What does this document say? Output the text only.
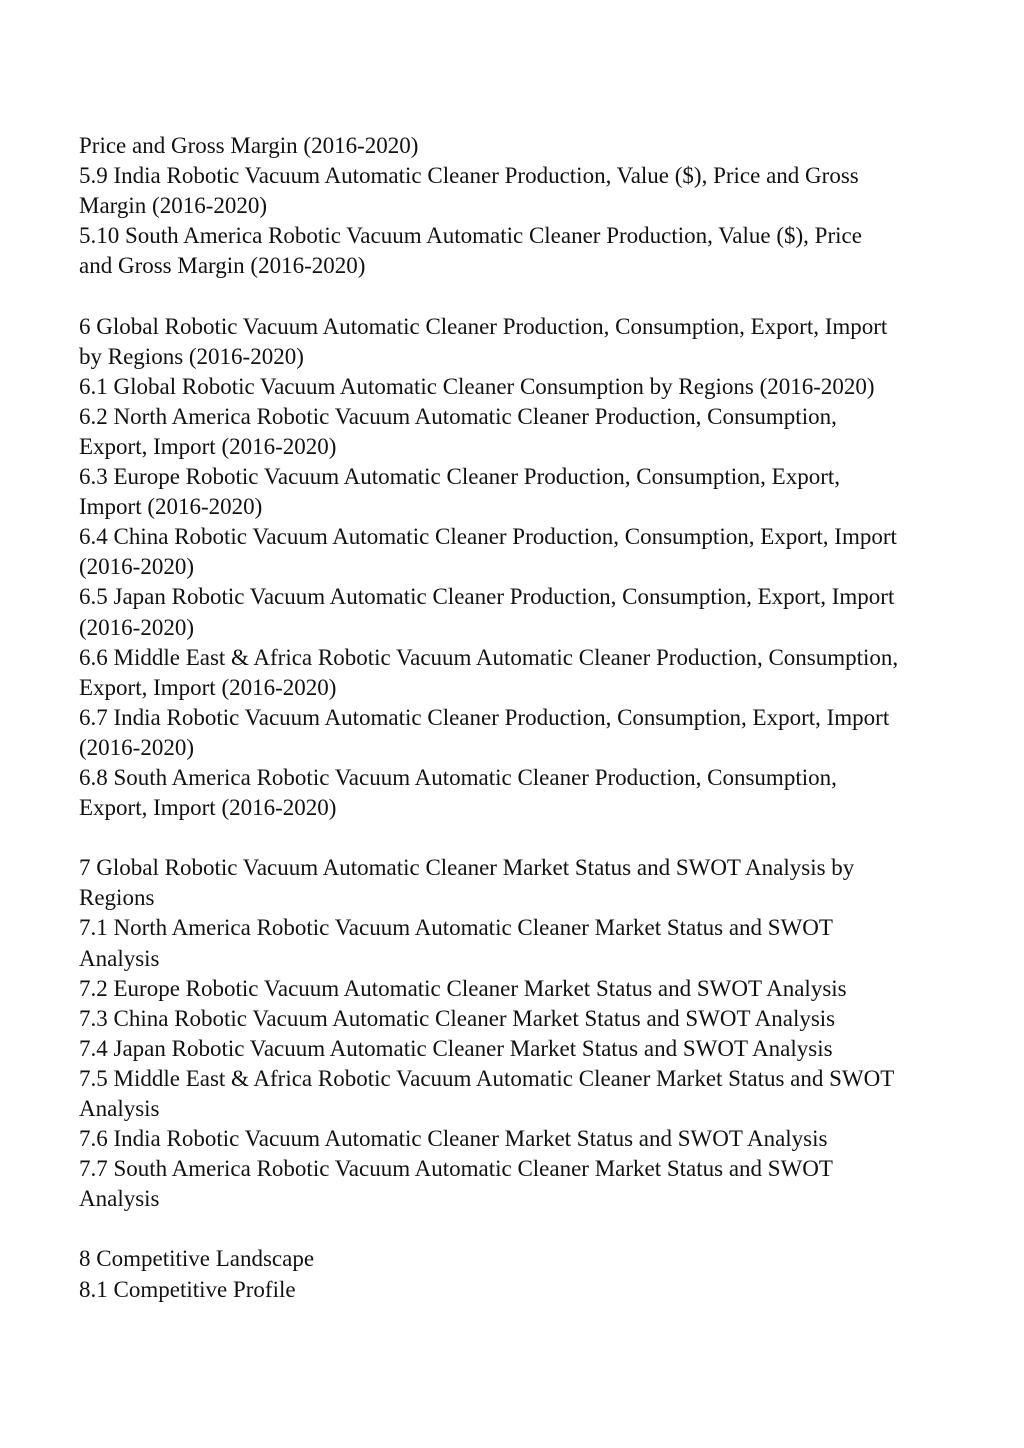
Price and Gross Margin (2016-2020)
5.9 India Robotic Vacuum Automatic Cleaner Production, Value ($), Price and Gross
Margin (2016-2020)
5.10 South America Robotic Vacuum Automatic Cleaner Production, Value ($), Price
and Gross Margin (2016-2020)
6 Global Robotic Vacuum Automatic Cleaner Production, Consumption, Export, Import
by Regions (2016-2020)
6.1 Global Robotic Vacuum Automatic Cleaner Consumption by Regions (2016-2020)
6.2 North America Robotic Vacuum Automatic Cleaner Production, Consumption,
Export, Import (2016-2020)
6.3 Europe Robotic Vacuum Automatic Cleaner Production, Consumption, Export,
Import (2016-2020)
6.4 China Robotic Vacuum Automatic Cleaner Production, Consumption, Export, Import
(2016-2020)
6.5 Japan Robotic Vacuum Automatic Cleaner Production, Consumption, Export, Import
(2016-2020)
6.6 Middle East & Africa Robotic Vacuum Automatic Cleaner Production, Consumption,
Export, Import (2016-2020)
6.7 India Robotic Vacuum Automatic Cleaner Production, Consumption, Export, Import
(2016-2020)
6.8 South America Robotic Vacuum Automatic Cleaner Production, Consumption,
Export, Import (2016-2020)
7 Global Robotic Vacuum Automatic Cleaner Market Status and SWOT Analysis by
Regions
7.1 North America Robotic Vacuum Automatic Cleaner Market Status and SWOT
Analysis
7.2 Europe Robotic Vacuum Automatic Cleaner Market Status and SWOT Analysis
7.3 China Robotic Vacuum Automatic Cleaner Market Status and SWOT Analysis
7.4 Japan Robotic Vacuum Automatic Cleaner Market Status and SWOT Analysis
7.5 Middle East & Africa Robotic Vacuum Automatic Cleaner Market Status and SWOT
Analysis
7.6 India Robotic Vacuum Automatic Cleaner Market Status and SWOT Analysis
7.7 South America Robotic Vacuum Automatic Cleaner Market Status and SWOT
Analysis
8 Competitive Landscape
8.1 Competitive Profile
